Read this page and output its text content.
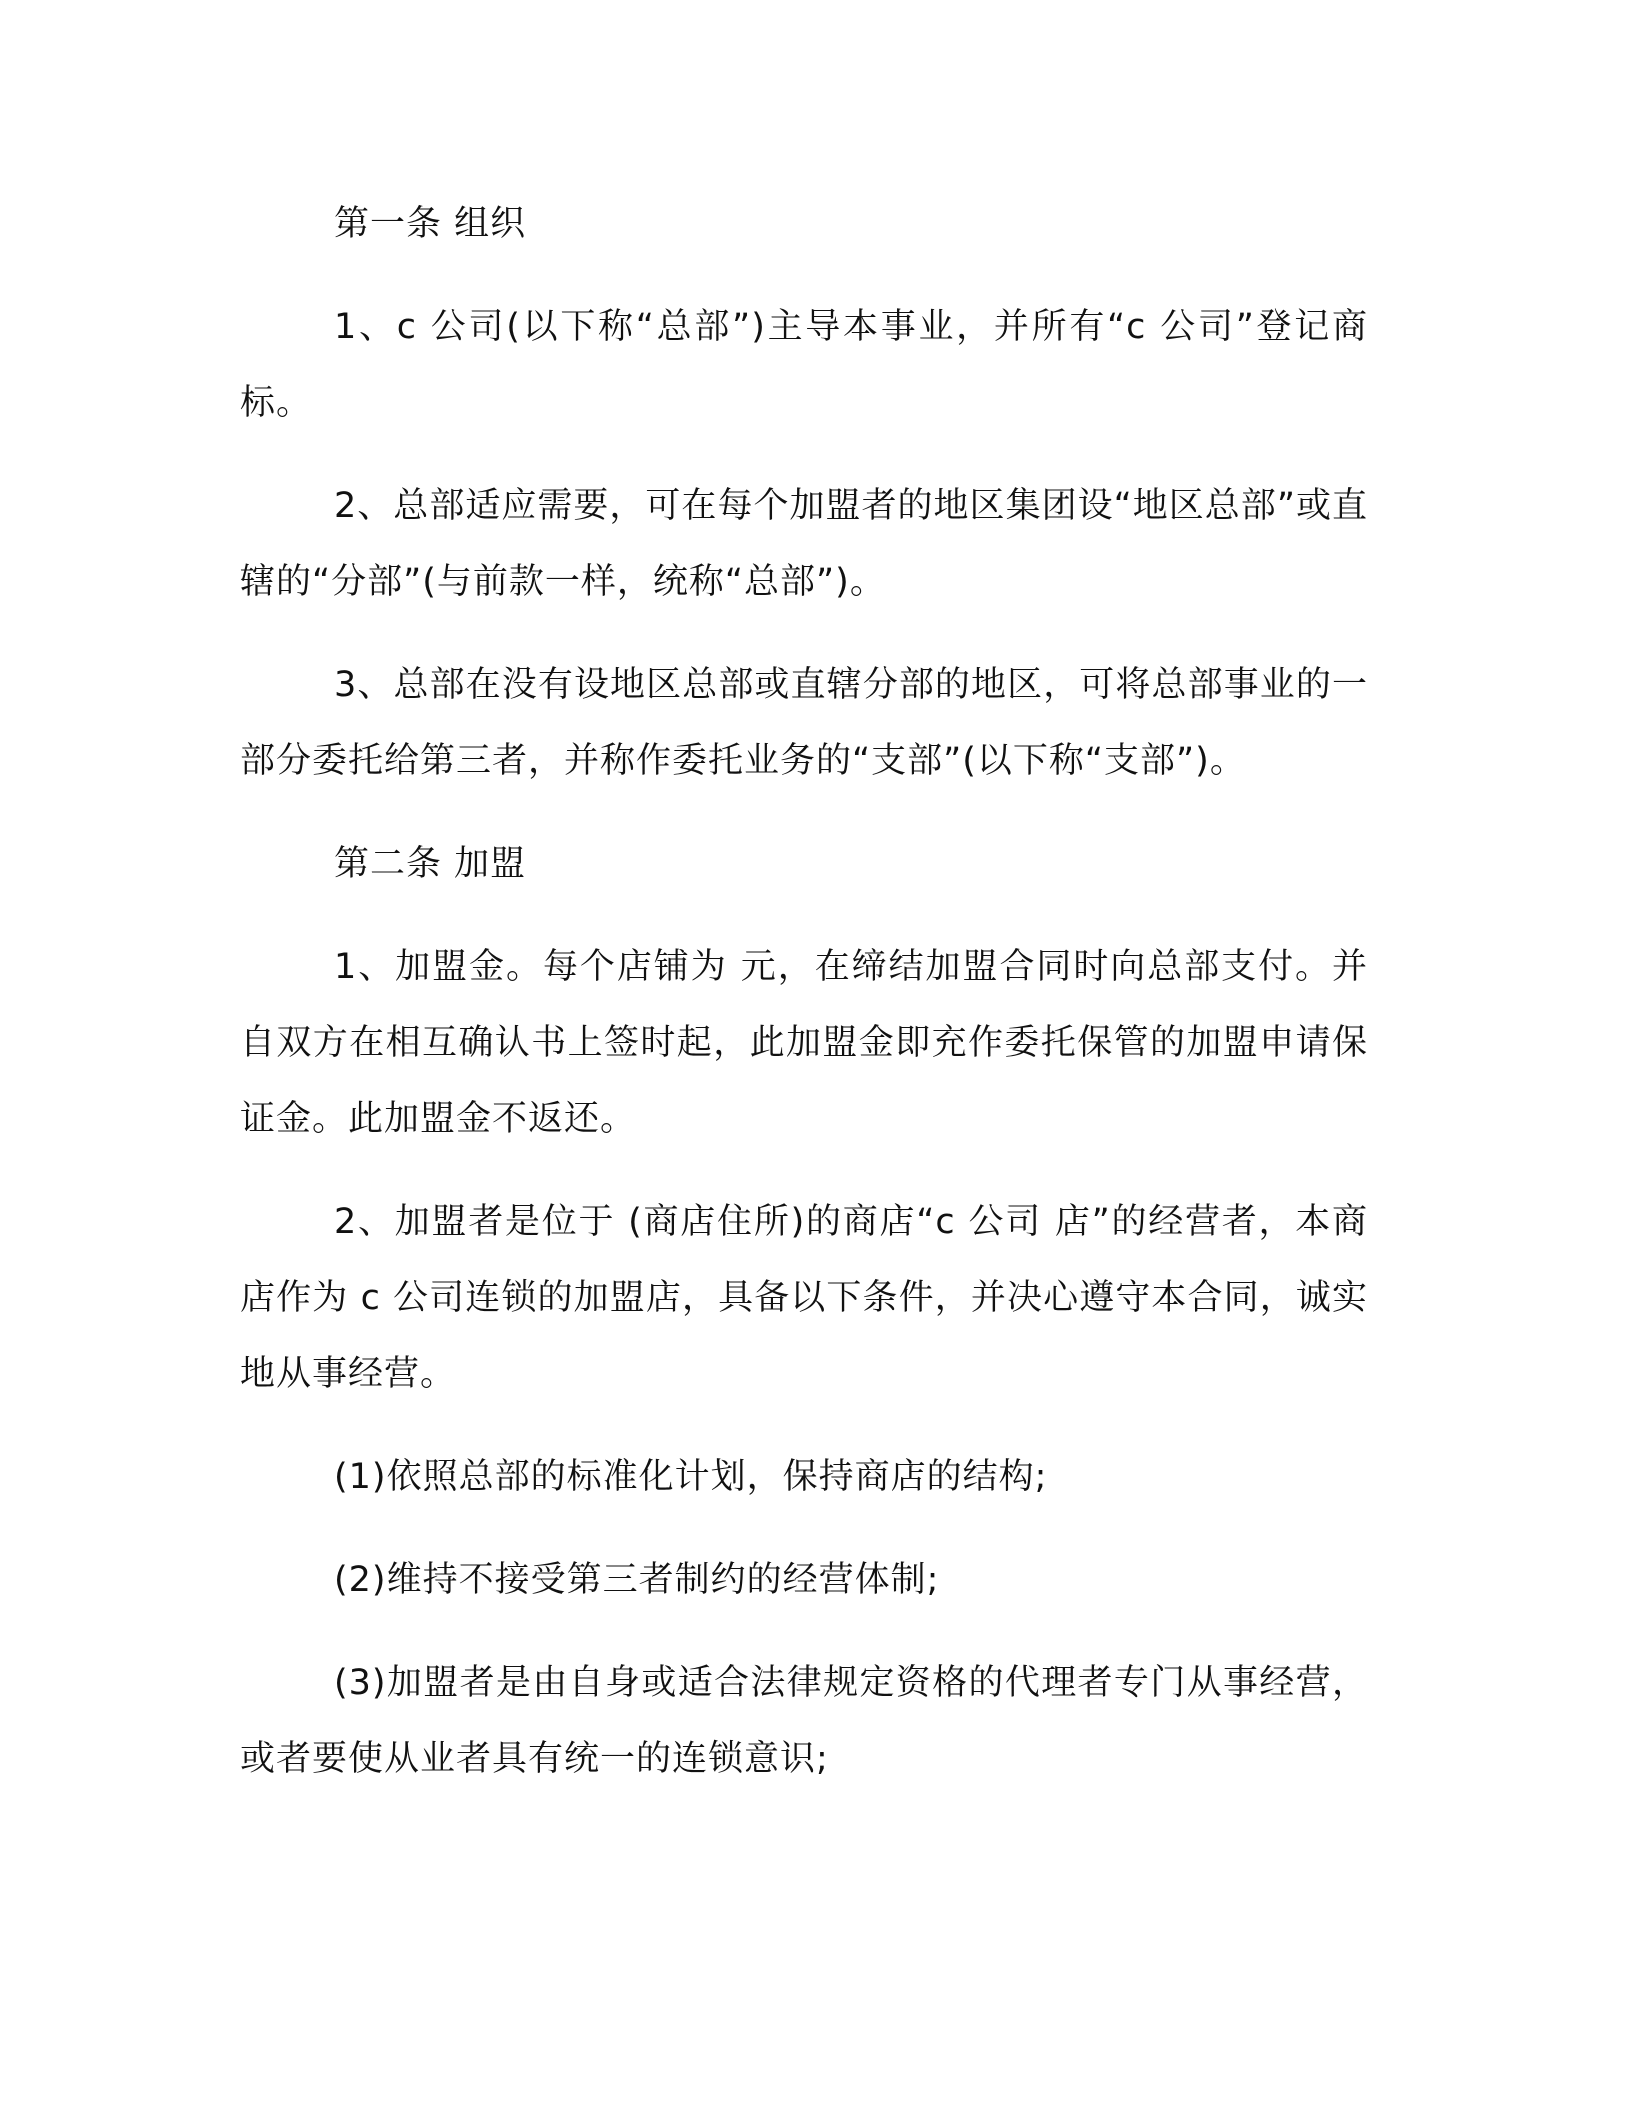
第一条 组织

1、c 公司(以下称“总部”)主导本事业，并所有“c 公司”登记商标。

2、总部适应需要，可在每个加盟者的地区集团设“地区总部”或直辖的“分部”(与前款一样，统称“总部”)。

3、总部在没有设地区总部或直辖分部的地区，可将总部事业的一部分委托给第三者，并称作委托业务的“支部”(以下称“支部”)。

第二条 加盟

1、加盟金。每个店铺为 元，在缔结加盟合同时向总部支付。并自双方在相互确认书上签时起，此加盟金即充作委托保管的加盟申请保证金。此加盟金不返还。

2、加盟者是位于 (商店住所)的商店“c 公司 店”的经营者，本商店作为 c 公司连锁的加盟店，具备以下条件，并决心遵守本合同，诚实地从事经营。

(1)依照总部的标准化计划，保持商店的结构;

(2)维持不接受第三者制约的经营体制;

(3)加盟者是由自身或适合法律规定资格的代理者专门从事经营，或者要使从业者具有统一的连锁意识;
